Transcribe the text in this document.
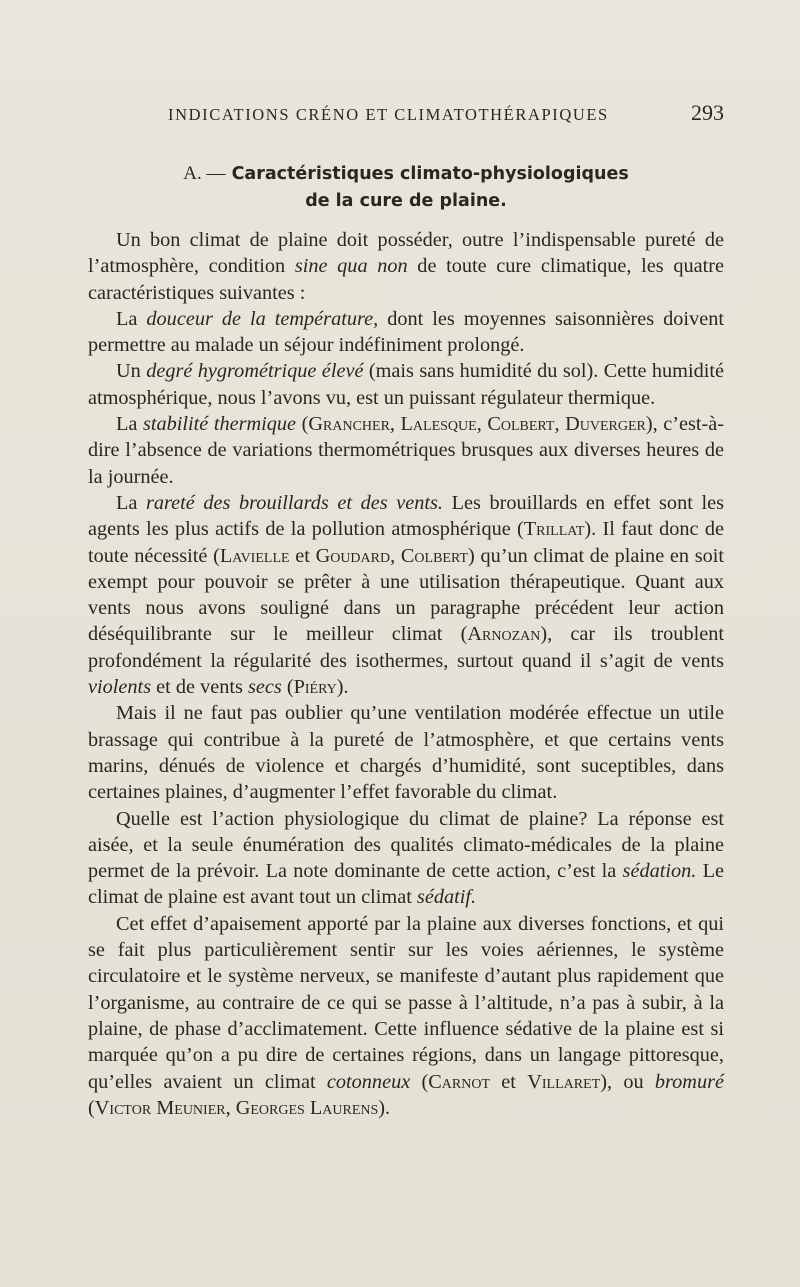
INDICATIONS CRÉNO ET CLIMATOTHÉRAPIQUES	293
A. — Caractéristiques climato-physiologiques
de la cure de plaine.

Un bon climat de plaine doit posséder, outre l’indispensable pureté de l’atmosphère, condition sine qua non de toute cure climatique, les quatre caractéristiques suivantes :

La douceur de la température, dont les moyennes saisonnières doivent permettre au malade un séjour indéfiniment prolongé.

Un degré hygrométrique élevé (mais sans humidité du sol). Cette humidité atmosphérique, nous l’avons vu, est un puissant régulateur thermique.

La stabilité thermique (Grancher, Lalesque, Colbert, Duverger), c’est-à-dire l’absence de variations thermométriques brusques aux diverses heures de la journée.

La rareté des brouillards et des vents. Les brouillards en effet sont les agents les plus actifs de la pollution atmosphérique (Trillat). Il faut donc de toute nécessité (Lavielle et Goudard, Colbert) qu’un climat de plaine en soit exempt pour pouvoir se prêter à une utilisation thérapeutique. Quant aux vents nous avons souligné dans un paragraphe précédent leur action déséquilibrante sur le meilleur climat (Arnozan), car ils troublent profondément la régularité des isothermes, surtout quand il s’agit de vents violents et de vents secs (Piéry).

Mais il ne faut pas oublier qu’une ventilation modérée effectue un utile brassage qui contribue à la pureté de l’atmosphère, et que certains vents marins, dénués de violence et chargés d’humidité, sont suceptibles, dans certaines plaines, d’augmenter l’effet favorable du climat.

Quelle est l’action physiologique du climat de plaine? La réponse est aisée, et la seule énumération des qualités climato-médicales de la plaine permet de la prévoir. La note dominante de cette action, c’est la sédation. Le climat de plaine est avant tout un climat sédatif.

Cet effet d’apaisement apporté par la plaine aux diverses fonctions, et qui se fait plus particulièrement sentir sur les voies aériennes, le système circulatoire et le système nerveux, se manifeste d’autant plus rapidement que l’organisme, au contraire de ce qui se passe à l’altitude, n’a pas à subir, à la plaine, de phase d’acclimatement. Cette influence sédative de la plaine est si marquée qu’on a pu dire de certaines régions, dans un langage pittoresque, qu’elles avaient un climat cotonneux (Carnot et Villaret), ou bromuré (Victor Meunier, Georges Laurens).
